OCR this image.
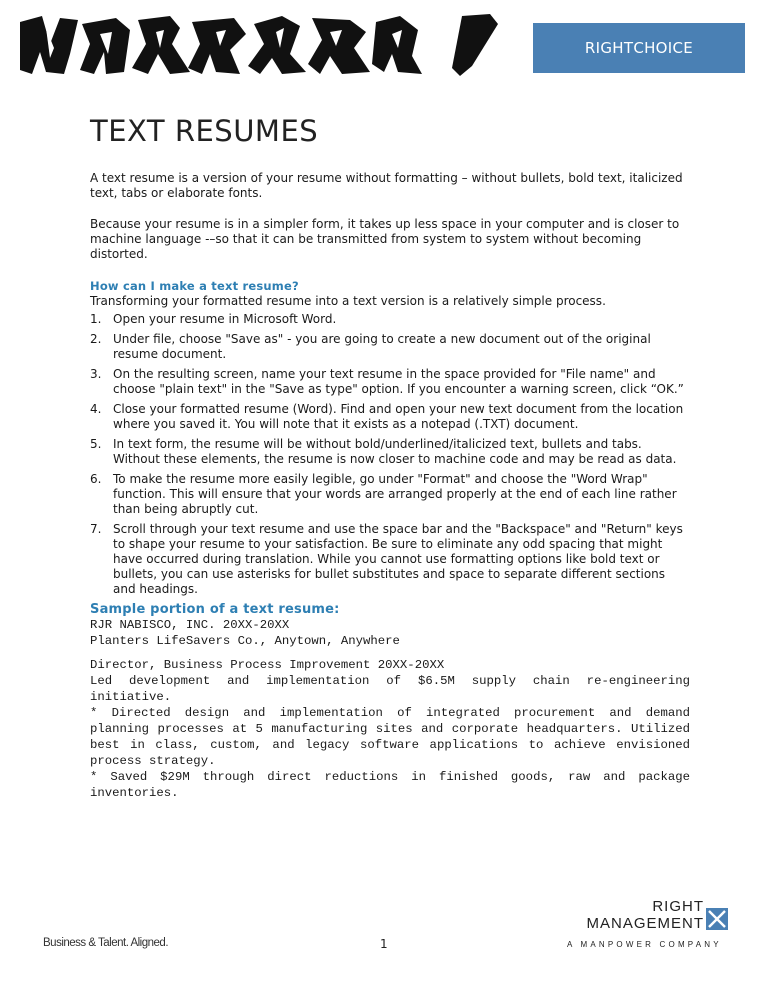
RIGHT CHOICE
TEXT RESUMES

A text resume is a version of your resume without formatting – without bullets, bold text, italicized text, tabs or elaborate fonts.

Because your resume is in a simpler form, it takes up less space in your computer and is closer to machine language -–so that it can be transmitted from system to system without becoming distorted.

How can I make a text resume?

Transforming your formatted resume into a text version is a relatively simple process.

1. Open your resume in Microsoft Word.
2. Under file, choose "Save as" - you are going to create a new document out of the original resume document.
3. On the resulting screen, name your text resume in the space provided for "File name" and choose "plain text" in the "Save as type" option. If you encounter a warning screen, click “OK.”
4. Close your formatted resume (Word). Find and open your new text document from the location where you saved it. You will note that it exists as a notepad (.TXT) document.
5. In text form, the resume will be without bold/underlined/italicized text, bullets and tabs. Without these elements, the resume is now closer to machine code and may be read as data.
6. To make the resume more easily legible, go under "Format" and choose the "Word Wrap" function. This will ensure that your words are arranged properly at the end of each line rather than being abruptly cut.
7. Scroll through your text resume and use the space bar and the "Backspace" and "Return" keys to shape your resume to your satisfaction. Be sure to eliminate any odd spacing that might have occurred during translation. While you cannot use formatting options like bold text or bullets, you can use asterisks for bullet substitutes and space to separate different sections and headings.

Sample portion of a text resume:

RJR NABISCO, INC. 20XX-20XX

Planters LifeSavers Co., Anytown, Anywhere

Director, Business Process Improvement 20XX-20XX

Led development and implementation of $6.5M supply chain re-engineering initiative.

* Directed design and implementation of integrated procurement and demand planning processes at 5 manufacturing sites and corporate headquarters. Utilized best in class, custom, and legacy software applications to achieve envisioned process strategy.

* Saved $29M through direct reductions in finished goods, raw and package inventories.

Business & Talent. Aligned.	1
RIGHT
MANAGEMENT
A MANPOWER COMPANY
